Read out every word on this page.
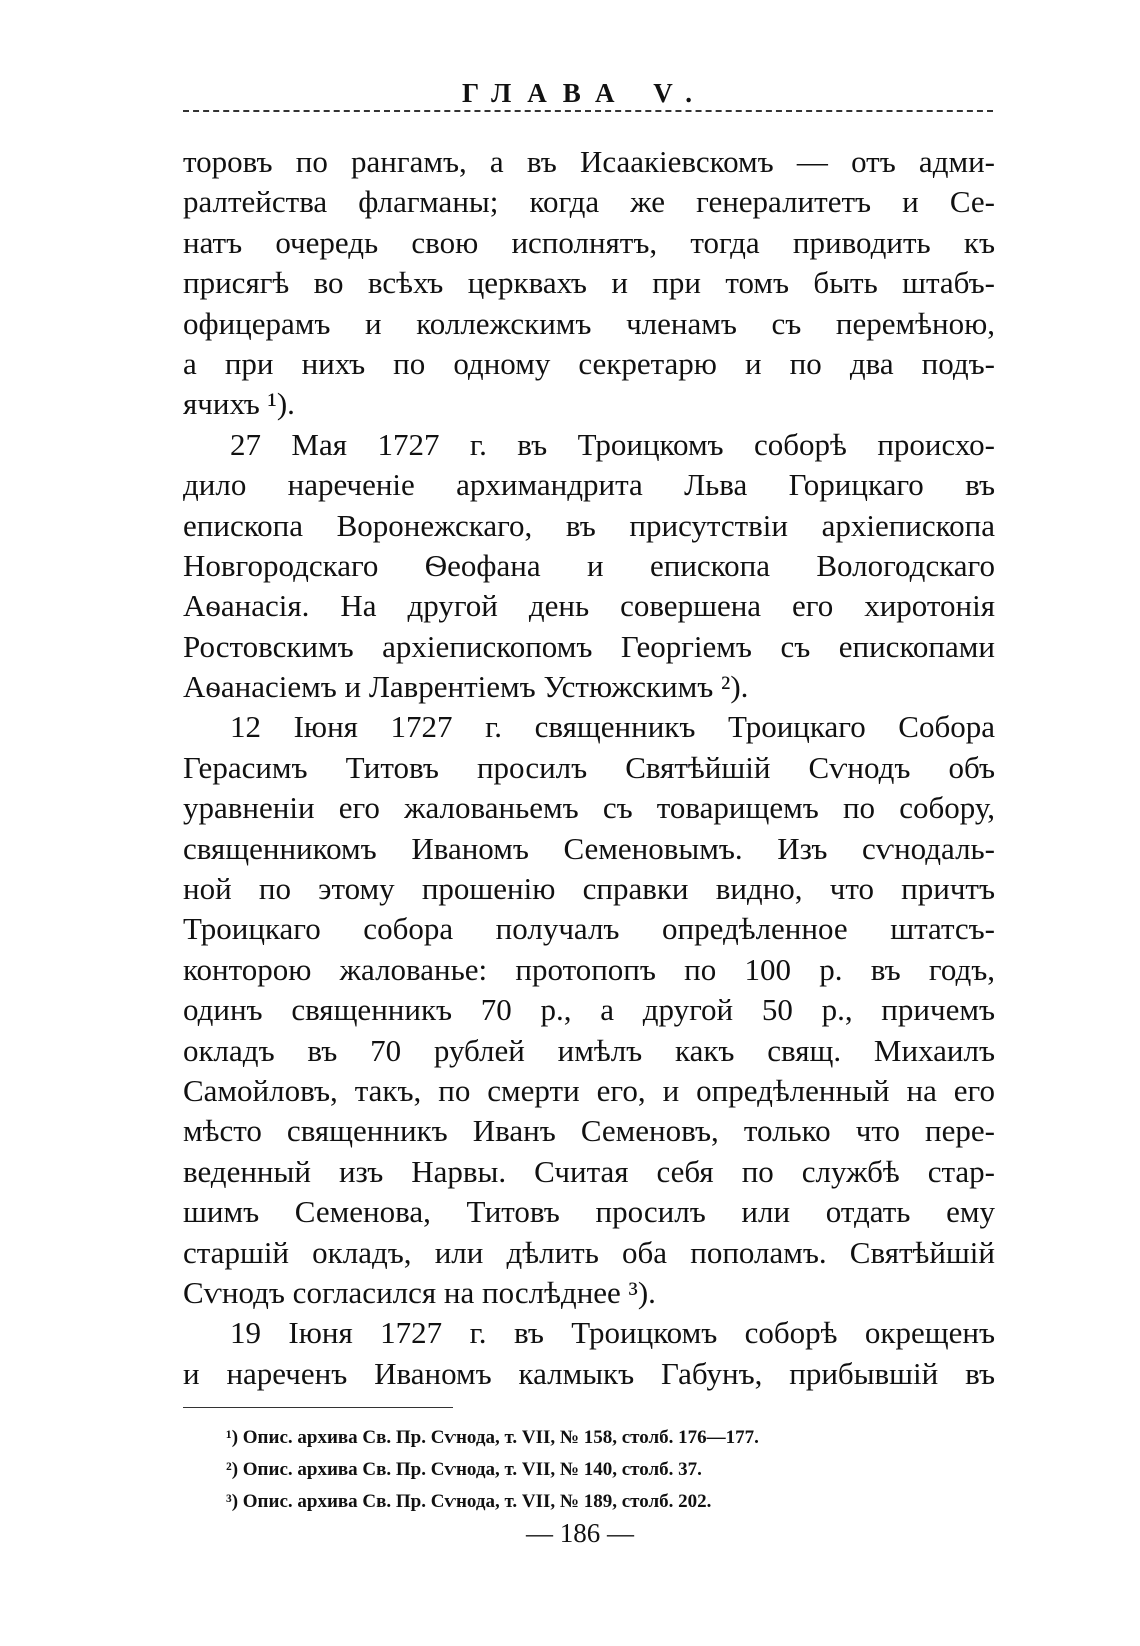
ГЛАВА V.
торовъ по рангамъ, а въ Исаакіевскомъ — отъ адми-
ралтейства флагманы; когда же генералитетъ и Се-
натъ очередь свою исполнятъ, тогда приводить къ
присягѣ во всѣхъ церквахъ и при томъ быть штабъ-
офицерамъ и коллежскимъ членамъ съ перемѣною,
а при нихъ по одному секретарю и по два подъ-
ячихъ ¹).
27 Мая 1727 г. въ Троицкомъ соборѣ происхо-
дило нареченіе архимандрита Льва Горицкаго въ
епископа Воронежскаго, въ присутствіи архіепископа
Новгородскаго Ѳеофана и епископа Вологодскаго
Аѳанасія. На другой день совершена его хиротонія
Ростовскимъ архіепископомъ Георгіемъ съ епископами
Аѳанасіемъ и Лаврентіемъ Устюжскимъ ²).
12 Іюня 1727 г. священникъ Троицкаго Собора
Герасимъ Титовъ просилъ Святѣйшій Сѵнодъ объ
уравненіи его жалованьемъ съ товарищемъ по собору,
священникомъ Иваномъ Семеновымъ. Изъ сѵнодаль-
ной по этому прошенію справки видно, что причтъ
Троицкаго собора получалъ опредѣленное штатсъ-
конторою жалованье: протопопъ по 100 р. въ годъ,
одинъ священникъ 70 р., а другой 50 р., причемъ
окладъ въ 70 рублей имѣлъ какъ свящ. Михаилъ
Самойловъ, такъ, по смерти его, и опредѣленный на его
мѣсто священникъ Иванъ Семеновъ, только что пере-
веденный изъ Нарвы. Считая себя по службѣ стар-
шимъ Семенова, Титовъ просилъ или отдать ему
старшій окладъ, или дѣлить оба пополамъ. Святѣйшій
Сѵнодъ согласился на послѣднее ³).
19 Іюня 1727 г. въ Троицкомъ соборѣ окрещенъ
и нареченъ Иваномъ калмыкъ Габунъ, прибывшій въ
¹) Опис. архива Св. Пр. Сѵнода, т. VII, № 158, столб. 176—177.
²) Опис. архива Св. Пр. Сѵнода, т. VII, № 140, столб. 37.
³) Опис. архива Св. Пр. Сѵнода, т. VII, № 189, столб. 202.
— 186 —
